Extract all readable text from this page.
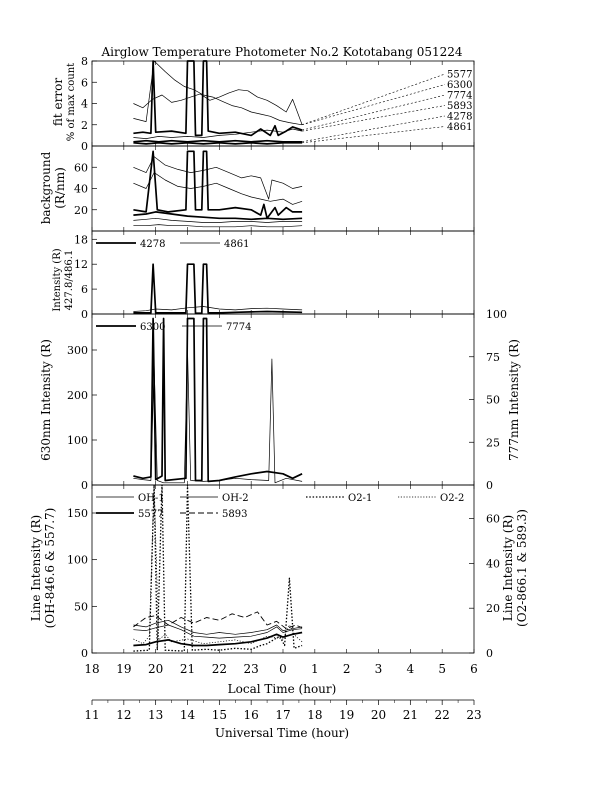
Airglow Temperature Photometer No.2 Kototabang 051224
0
2
4
6
8
20
40
60
0
6
12
18
0
100
200
300
0
25
50
75
100
0
50
100
150
0
20
40
60
18 19 20 21 22 23 0 1 2 3 4 5 6
11 12 13 14 15 16 17 18 19 20 21 22 23
fit error % of max count
background (R/nm)
Intensity (R) 427.8/486.1
630nm Intensity (R)	777nm Intensity (R)
Line Intensity (R) (OH-846.6 & 557.7)	Line Intensity (R) (O2-866.1 & 589.3)
Local Time (hour)
Universal Time (hour)
5577
6300
7774
5893
4278
4861
4278	4861
6300	7774
OH-1	OH-2	O2-1	O2-2
5577	5893
